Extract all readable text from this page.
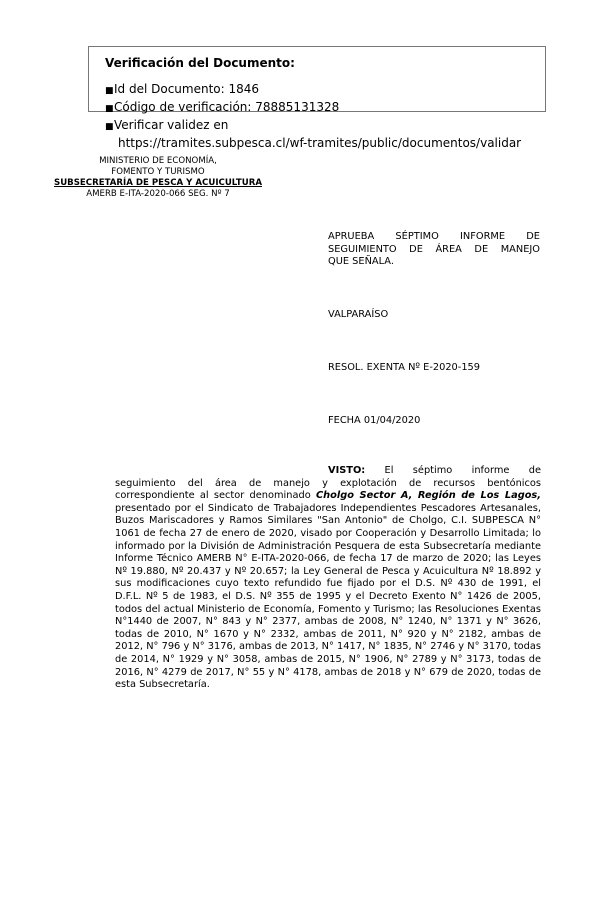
Verificación del Documento:
■Id del Documento: 1846
■Código de verificación: 78885131328
■Verificar validez en
https://tramites.subpesca.cl/wf-tramites/public/documentos/validar
MINISTERIO DE ECONOMÍA,
FOMENTO Y TURISMO
SUBSECRETARÍA DE PESCA Y ACUICULTURA
AMERB E-ITA-2020-066 SEG. Nº 7
APRUEBA SÉPTIMO INFORME DE
SEGUIMIENTO DE ÁREA DE MANEJO
QUE SEÑALA.
VALPARAÍSO
RESOL. EXENTA Nº E-2020-159
FECHA 01/04/2020
VISTO: El séptimo informe de
seguimiento del área de manejo y explotación de recursos bentónicos correspondiente al sector denominado Cholgo Sector A, Región de Los Lagos, presentado por el Sindicato de Trabajadores Independientes Pescadores Artesanales, Buzos Mariscadores y Ramos Similares "San Antonio" de Cholgo, C.I. SUBPESCA N° 1061 de fecha 27 de enero de 2020, visado por Cooperación y Desarrollo Limitada; lo informado por la División de Administración Pesquera de esta Subsecretaría mediante Informe Técnico AMERB N° E-ITA-2020-066, de fecha 17 de marzo de 2020; las Leyes Nº 19.880, Nº 20.437 y Nº 20.657; la Ley General de Pesca y Acuicultura Nº 18.892 y sus modificaciones cuyo texto refundido fue fijado por el D.S. Nº 430 de 1991, el D.F.L. Nº 5 de 1983, el D.S. Nº 355 de 1995 y el Decreto Exento N° 1426 de 2005, todos del actual Ministerio de Economía, Fomento y Turismo; las Resoluciones Exentas N°1440 de 2007, N° 843 y N° 2377, ambas de 2008, N° 1240, N° 1371 y N° 3626, todas de 2010, N° 1670 y N° 2332, ambas de 2011, N° 920 y N° 2182, ambas de 2012, N° 796 y N° 3176, ambas de 2013, N° 1417, N° 1835, N° 2746 y N° 3170, todas de 2014, N° 1929 y N° 3058, ambas de 2015, N° 1906, N° 2789 y N° 3173, todas de 2016, N° 4279 de 2017, N° 55 y N° 4178, ambas de 2018 y N° 679 de 2020, todas de esta Subsecretaría.
